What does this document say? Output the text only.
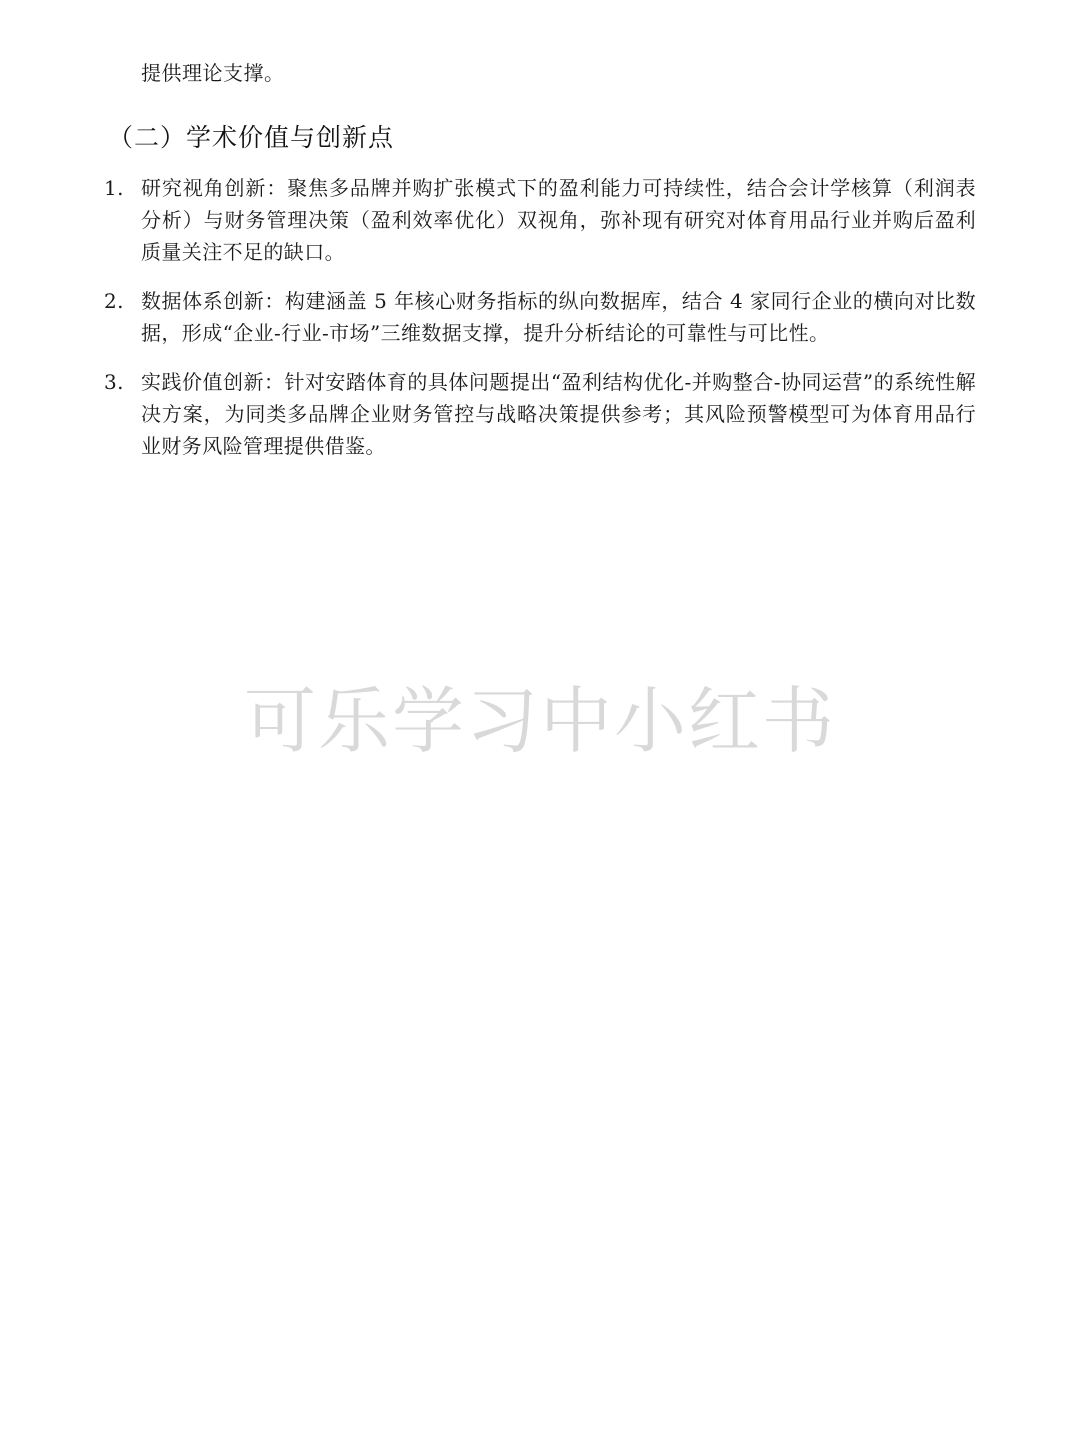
提供理论支撑。
（二）学术价值与创新点
1. 研究视角创新：聚焦多品牌并购扩张模式下的盈利能力可持续性，结合会计学核算（利润表分析）与财务管理决策（盈利效率优化）双视角，弥补现有研究对体育用品行业并购后盈利质量关注不足的缺口。
2. 数据体系创新：构建涵盖 5 年核心财务指标的纵向数据库，结合 4 家同行企业的横向对比数据，形成“企业-行业-市场”三维数据支撑，提升分析结论的可靠性与可比性。
3. 实践价值创新：针对安踏体育的具体问题提出“盈利结构优化-并购整合-协同运营”的系统性解决方案，为同类多品牌企业财务管控与战略决策提供参考；其风险预警模型可为体育用品行业财务风险管理提供借鉴。
可乐学习中小红书
